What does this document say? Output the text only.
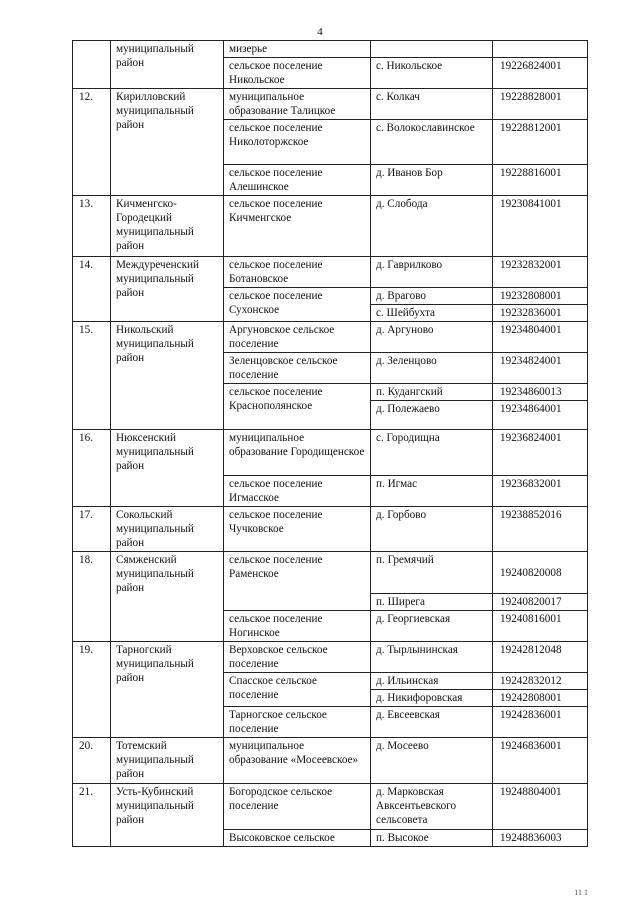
4
	муниципальный район	мизерье		
		сельское поселение Никольское	с. Никольское	19226824001
12.	Кирилловский муниципальный район	муниципальное образование Талицкое	с. Колкач	19228828001
		сельское поселение Николоторжское	с. Волокославинское	19228812001
		сельское поселение Алешинское	д. Иванов Бор	19228816001
13.	Кичменгско-Городецкий муниципальный район	сельское поселение Кичменгское	д. Слобода	19230841001
14.	Междуреченский муниципальный район	сельское поселение Ботановское	д. Гаврилково	19232832001
		сельское поселение Сухонское	д. Врагово	19232808001
			с. Шейбухта	19232836001
15.	Никольский муниципальный район	Аргуновское сельское поселение	д. Аргуново	19234804001
		Зеленцовское сельское поселение	д. Зеленцово	19234824001
		сельское поселение Краснополянское	п. Кудангский	19234860013
			д. Полежаево	19234864001
16.	Нюксенский муниципальный район	муниципальное образование Городищенское	с. Городищна	19236824001
		сельское поселение Игмасское	п. Игмас	19236832001
17.	Сокольский муниципальный район	сельское поселение Чучковское	д. Горбово	19238852016
18.	Сямженский муниципальный район	сельское поселение Раменское	п. Гремячий	19240820008
			п. Ширега	19240820017
		сельское поселение Ногинское	д. Георгиевская	19240816001
19.	Тарногский муниципальный район	Верховское сельское поселение	д. Тырлынинская	19242812048
		Спасское сельское поселение	д. Ильинская	19242832012
			д. Никифоровская	19242808001
		Тарногское сельское поселение	д. Евсеевская	19242836001
20.	Тотемский муниципальный район	муниципальное образование «Мосеевское»	д. Мосеево	19246836001
21.	Усть-Кубинский муниципальный район	Богородское сельское поселение	д. Марковская Авксентьевского сельсовета	19248804001
		Высоковское сельское	п. Высокое	19248836003
11 1
